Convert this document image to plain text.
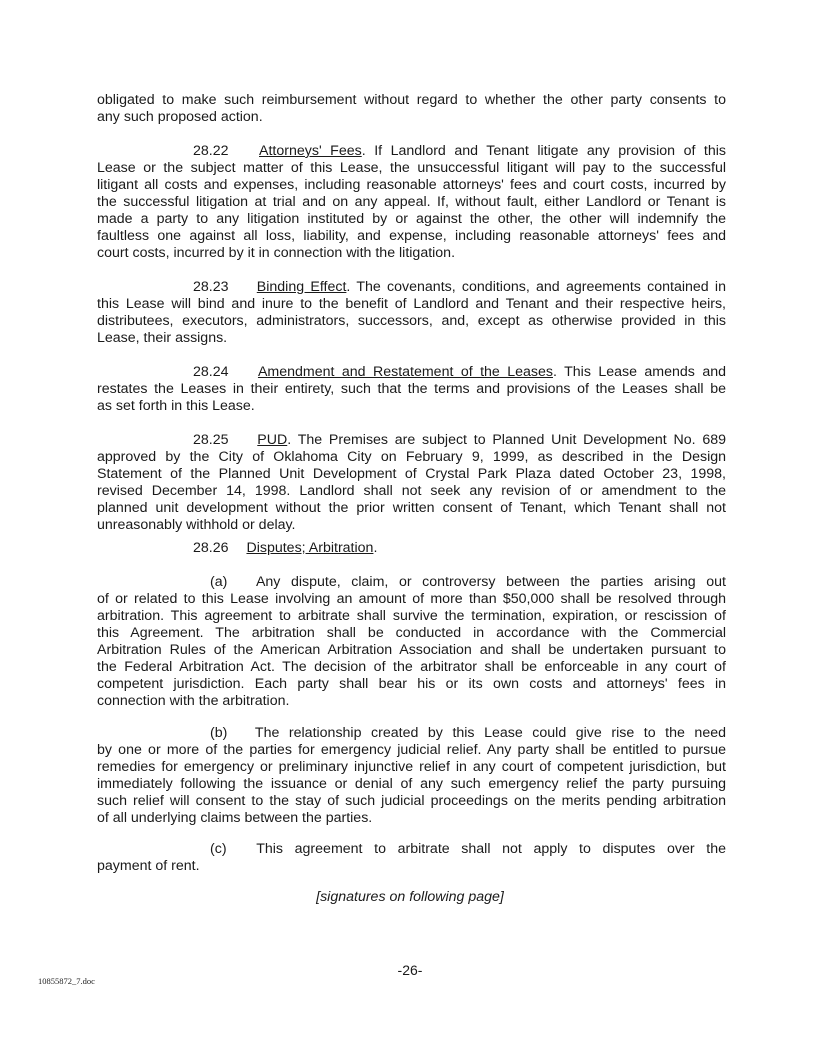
obligated to make such reimbursement without regard to whether the other party consents to
any such proposed action.
28.22 Attorneys' Fees. If Landlord and Tenant litigate any provision of this
Lease or the subject matter of this Lease, the unsuccessful litigant will pay to the successful
litigant all costs and expenses, including reasonable attorneys' fees and court costs, incurred by
the successful litigation at trial and on any appeal. If, without fault, either Landlord or Tenant is
made a party to any litigation instituted by or against the other, the other will indemnify the
faultless one against all loss, liability, and expense, including reasonable attorneys' fees and
court costs, incurred by it in connection with the litigation.
28.23 Binding Effect. The covenants, conditions, and agreements contained in
this Lease will bind and inure to the benefit of Landlord and Tenant and their respective heirs,
distributees, executors, administrators, successors, and, except as otherwise provided in this
Lease, their assigns.
28.24 Amendment and Restatement of the Leases. This Lease amends and
restates the Leases in their entirety, such that the terms and provisions of the Leases shall be
as set forth in this Lease.
28.25 PUD. The Premises are subject to Planned Unit Development No. 689
approved by the City of Oklahoma City on February 9, 1999, as described in the Design
Statement of the Planned Unit Development of Crystal Park Plaza dated October 23, 1998,
revised December 14, 1998. Landlord shall not seek any revision of or amendment to the
planned unit development without the prior written consent of Tenant, which Tenant shall not
unreasonably withhold or delay.
28.26 Disputes; Arbitration.
(a) Any dispute, claim, or controversy between the parties arising out
of or related to this Lease involving an amount of more than $50,000 shall be resolved through
arbitration. This agreement to arbitrate shall survive the termination, expiration, or rescission of
this Agreement. The arbitration shall be conducted in accordance with the Commercial
Arbitration Rules of the American Arbitration Association and shall be undertaken pursuant to
the Federal Arbitration Act. The decision of the arbitrator shall be enforceable in any court of
competent jurisdiction. Each party shall bear his or its own costs and attorneys' fees in
connection with the arbitration.
(b) The relationship created by this Lease could give rise to the need
by one or more of the parties for emergency judicial relief. Any party shall be entitled to pursue
remedies for emergency or preliminary injunctive relief in any court of competent jurisdiction, but
immediately following the issuance or denial of any such emergency relief the party pursuing
such relief will consent to the stay of such judicial proceedings on the merits pending arbitration
of all underlying claims between the parties.
(c) This agreement to arbitrate shall not apply to disputes over the
payment of rent.
[signatures on following page]
-26-
10855872_7.doc
